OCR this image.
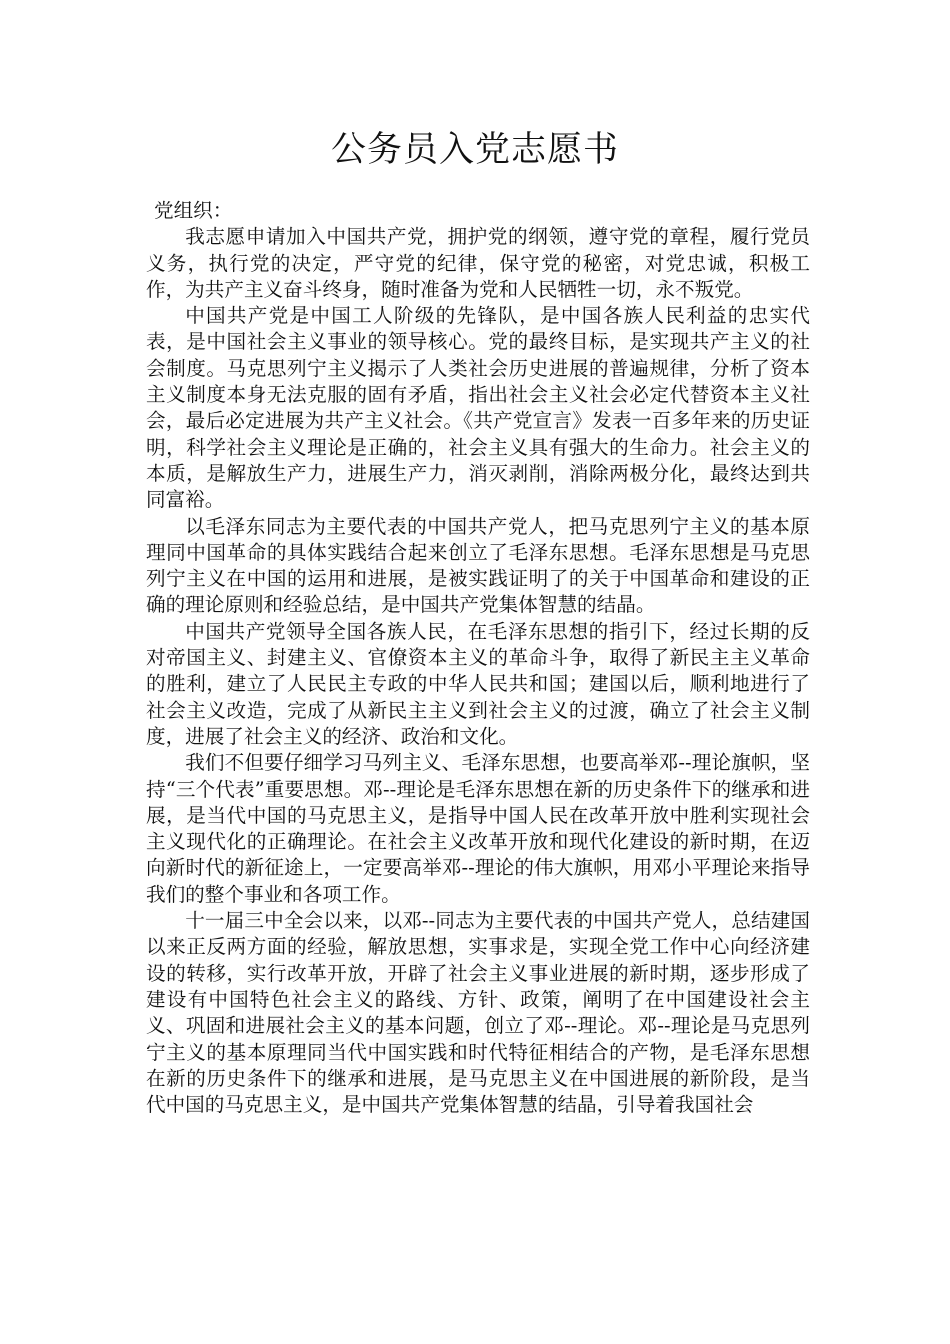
公务员入党志愿书

党组织：

我志愿申请加入中国共产党，拥护党的纲领，遵守党的章程，履行党员义务，执行党的决定，严守党的纪律，保守党的秘密，对党忠诚，积极工作，为共产主义奋斗终身，随时准备为党和人民牺牲一切，永不叛党。

中国共产党是中国工人阶级的先锋队，是中国各族人民利益的忠实代表，是中国社会主义事业的领导核心。党的最终目标，是实现共产主义的社会制度。马克思列宁主义揭示了人类社会历史进展的普遍规律，分析了资本主义制度本身无法克服的固有矛盾，指出社会主义社会必定代替资本主义社会，最后必定进展为共产主义社会。《共产党宣言》发表一百多年来的历史证明，科学社会主义理论是正确的，社会主义具有强大的生命力。社会主义的本质，是解放生产力，进展生产力，消灭剥削，消除两极分化，最终达到共同富裕。

以毛泽东同志为主要代表的中国共产党人，把马克思列宁主义的基本原理同中国革命的具体实践结合起来创立了毛泽东思想。毛泽东思想是马克思列宁主义在中国的运用和进展，是被实践证明了的关于中国革命和建设的正确的理论原则和经验总结，是中国共产党集体智慧的结晶。

中国共产党领导全国各族人民，在毛泽东思想的指引下，经过长期的反对帝国主义、封建主义、官僚资本主义的革命斗争，取得了新民主主义革命的胜利，建立了人民民主专政的中华人民共和国；建国以后，顺利地进行了社会主义改造，完成了从新民主主义到社会主义的过渡，确立了社会主义制度，进展了社会主义的经济、政治和文化。

我们不但要仔细学习马列主义、毛泽东思想，也要高举邓--理论旗帜，坚持“三个代表”重要思想。邓--理论是毛泽东思想在新的历史条件下的继承和进展，是当代中国的马克思主义，是指导中国人民在改革开放中胜利实现社会主义现代化的正确理论。在社会主义改革开放和现代化建设的新时期，在迈向新时代的新征途上，一定要高举邓--理论的伟大旗帜，用邓小平理论来指导我们的整个事业和各项工作。

十一届三中全会以来，以邓--同志为主要代表的中国共产党人，总结建国以来正反两方面的经验，解放思想，实事求是，实现全党工作中心向经济建设的转移，实行改革开放，开辟了社会主义事业进展的新时期，逐步形成了建设有中国特色社会主义的路线、方针、政策，阐明了在中国建设社会主义、巩固和进展社会主义的基本问题，创立了邓--理论。邓--理论是马克思列宁主义的基本原理同当代中国实践和时代特征相结合的产物，是毛泽东思想在新的历史条件下的继承和进展，是马克思主义在中国进展的新阶段，是当代中国的马克思主义，是中国共产党集体智慧的结晶，引导着我国社会
